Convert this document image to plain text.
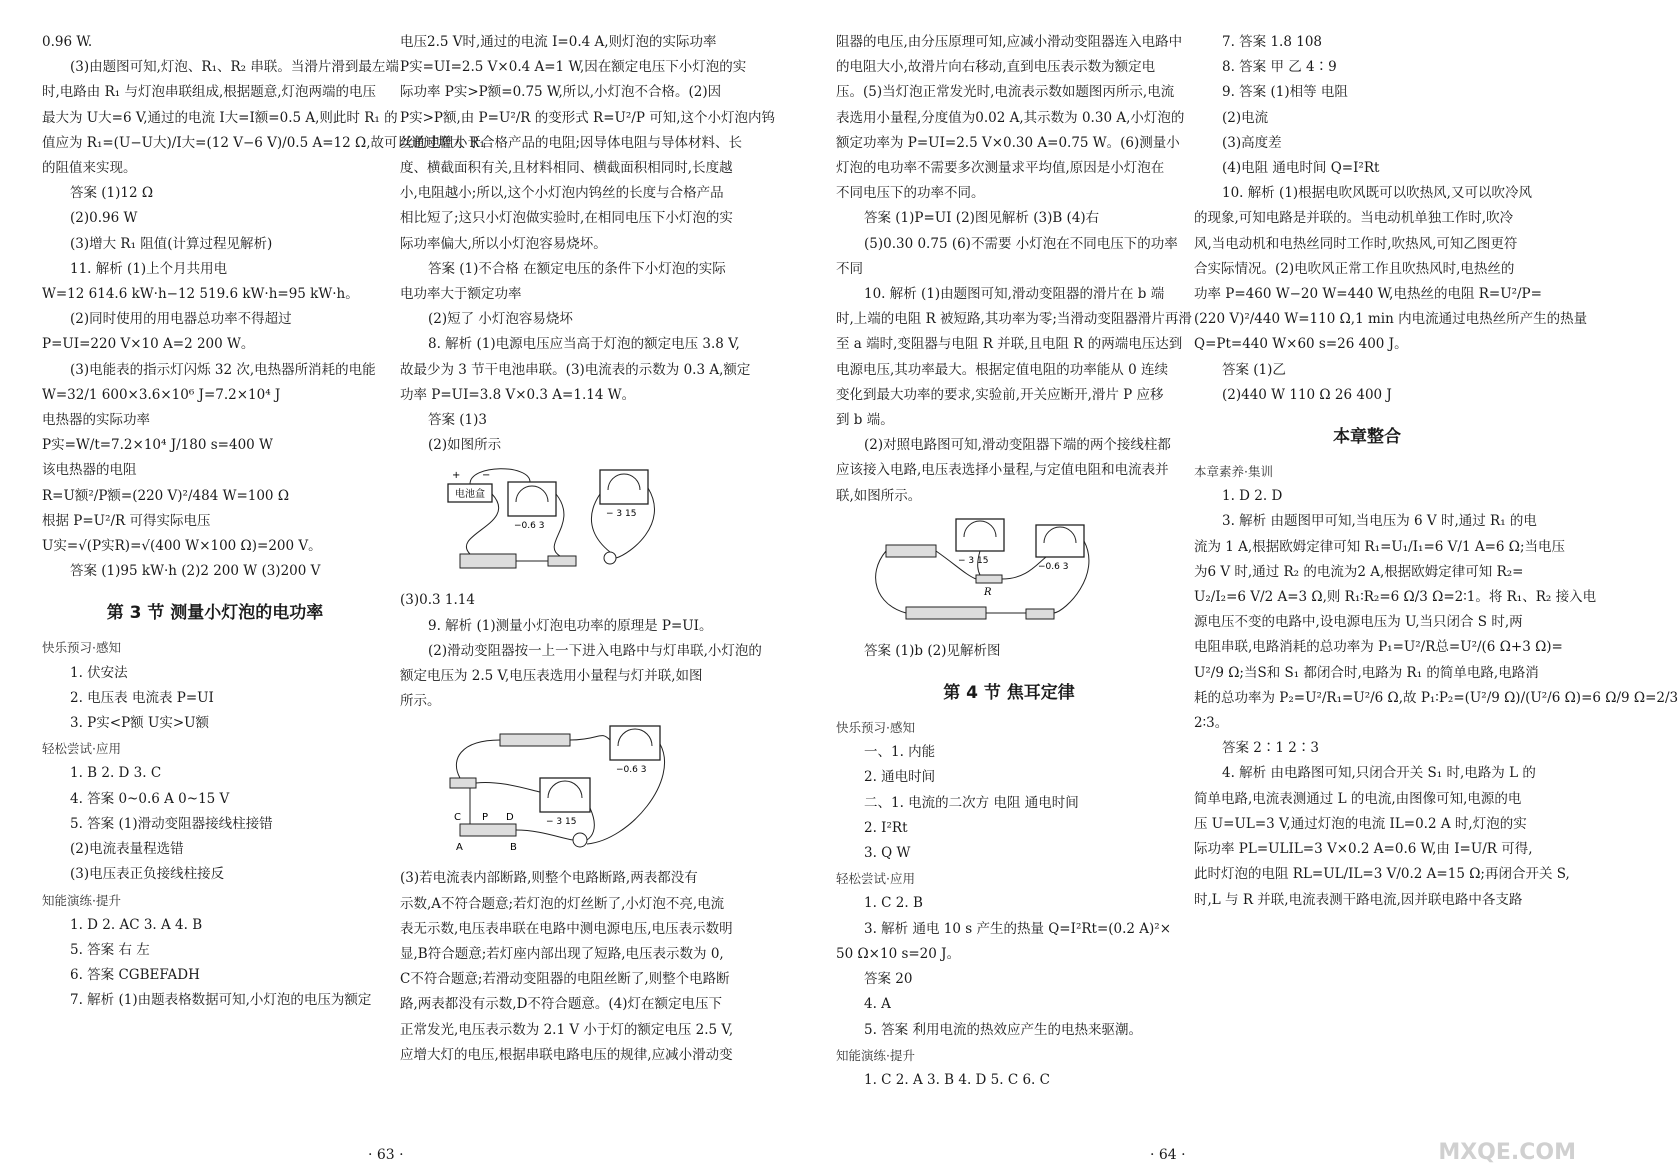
0.96 W.
(3)由题图可知,灯泡、R₁、R₂ 串联。当滑片滑到最左端
时,电路由 R₁ 与灯泡串联组成,根据题意,灯泡两端的电压
最大为 U大=6 V,通过的电流 I大=I额=0.5 A,则此时 R₁ 的
值应为 R₁=(U−U大)/I大=(12 V−6 V)/0.5 A=12 Ω,故可以通过增大 R₁
的阻值来实现。
答案 (1)12 Ω
(2)0.96 W
(3)增大 R₁ 阻值(计算过程见解析)
11. 解析 (1)上个月共用电
W=12 614.6 kW·h−12 519.6 kW·h=95 kW·h。
(2)同时使用的用电器总功率不得超过
P=UI=220 V×10 A=2 200 W。
(3)电能表的指示灯闪烁 32 次,电热器所消耗的电能
W=32/1 600×3.6×10⁶ J=7.2×10⁴ J
电热器的实际功率
P实=W/t=7.2×10⁴ J/180 s=400 W
该电热器的电阻
R=U额²/P额=(220 V)²/484 W=100 Ω
根据 P=U²/R 可得实际电压
U实=√(P实R)=√(400 W×100 Ω)=200 V。
答案 (1)95 kW·h (2)2 200 W (3)200 V
第 3 节 测量小灯泡的电功率
快乐预习·感知
1. 伏安法
2. 电压表 电流表 P=UI
3. P实<P额 U实>U额
轻松尝试·应用
1. B 2. D 3. C
4. 答案 0~0.6 A 0~15 V
5. 答案 (1)滑动变阻器接线柱接错
(2)电流表量程选错
(3)电压表正负接线柱接反
知能演练·提升
1. D 2. AC 3. A 4. B
5. 答案 右 左
6. 答案 CGBEFADH
7. 解析 (1)由题表格数据可知,小灯泡的电压为额定
电压2.5 V时,通过的电流 I=0.4 A,则灯泡的实际功率
P实=UI=2.5 V×0.4 A=1 W,因在额定电压下小灯泡的实
际功率 P实>P额=0.75 W,所以,小灯泡不合格。(2)因
P实>P额,由 P=U²/R 的变形式 R=U²/P 可知,这个小灯泡内钨
丝的电阻小于合格产品的电阻;因导体电阻与导体材料、长
度、横截面积有关,且材料相同、横截面积相同时,长度越
小,电阻越小;所以,这个小灯泡内钨丝的长度与合格产品
相比短了;这只小灯泡做实验时,在相同电压下小灯泡的实
际功率偏大,所以小灯泡容易烧坏。
答案 (1)不合格 在额定电压的条件下小灯泡的实际
电功率大于额定功率
(2)短了 小灯泡容易烧坏
8. 解析 (1)电源电压应当高于灯泡的额定电压 3.8 V,
故最少为 3 节干电池串联。(3)电流表的示数为 0.3 A,额定
功率 P=UI=3.8 V×0.3 A=1.14 W。
答案 (1)3
(2)如图所示
电池盒
+ −
−0.6 3
− 3 15
(3)0.3 1.14
9. 解析 (1)测量小灯泡电功率的原理是 P=UI。
(2)滑动变阻器按一上一下进入电路中与灯串联,小灯泡的
额定电压为 2.5 V,电压表选用小量程与灯并联,如图
所示。
− 3 15
−0.6 3
C P D
A	B
(3)若电流表内部断路,则整个电路断路,两表都没有
示数,A不符合题意;若灯泡的灯丝断了,小灯泡不亮,电流
表无示数,电压表串联在电路中测电源电压,电压表示数明
显,B符合题意;若灯座内部出现了短路,电压表示数为 0,
C不符合题意;若滑动变阻器的电阻丝断了,则整个电路断
路,两表都没有示数,D不符合题意。(4)灯在额定电压下
正常发光,电压表示数为 2.1 V 小于灯的额定电压 2.5 V,
应增大灯的电压,根据串联电路电压的规律,应减小滑动变
· 63 ·
阻器的电压,由分压原理可知,应减小滑动变阻器连入电路中
的电阻大小,故滑片向右移动,直到电压表示数为额定电
压。(5)当灯泡正常发光时,电流表示数如题图丙所示,电流
表选用小量程,分度值为0.02 A,其示数为 0.30 A,小灯泡的
额定功率为 P=UI=2.5 V×0.30 A=0.75 W。(6)测量小
灯泡的电功率不需要多次测量求平均值,原因是小灯泡在
不同电压下的功率不同。
答案 (1)P=UI (2)图见解析 (3)B (4)右
(5)0.30 0.75 (6)不需要 小灯泡在不同电压下的功率
不同
10. 解析 (1)由题图可知,滑动变阻器的滑片在 b 端
时,上端的电阻 R 被短路,其功率为零;当滑动变阻器滑片再滑
至 a 端时,变阻器与电阻 R 并联,且电阻 R 的两端电压达到
电源电压,其功率最大。根据定值电阻的功率能从 0 连续
变化到最大功率的要求,实验前,开关应断开,滑片 P 应移
到 b 端。
(2)对照电路图可知,滑动变阻器下端的两个接线柱都
应该接入电路,电压表选择小量程,与定值电阻和电流表并
联,如图所示。
− 3 15
−0.6 3
R
答案 (1)b (2)见解析图
第 4 节 焦耳定律
快乐预习·感知
一、1. 内能
2. 通电时间
二、1. 电流的二次方 电阻 通电时间
2. I²Rt
3. Q W
轻松尝试·应用
1. C 2. B
3. 解析 通电 10 s 产生的热量 Q=I²Rt=(0.2 A)²×
50 Ω×10 s=20 J。
答案 20
4. A
5. 答案 利用电流的热效应产生的电热来驱潮。
知能演练·提升
1. C 2. A 3. B 4. D 5. C 6. C
7. 答案 1.8 108
8. 答案 甲 乙 4∶9
9. 答案 (1)相等 电阻
(2)电流
(3)高度差
(4)电阻 通电时间 Q=I²Rt
10. 解析 (1)根据电吹风既可以吹热风,又可以吹冷风
的现象,可知电路是并联的。当电动机单独工作时,吹冷
风,当电动机和电热丝同时工作时,吹热风,可知乙图更符
合实际情况。(2)电吹风正常工作且吹热风时,电热丝的
功率 P=460 W−20 W=440 W,电热丝的电阻 R=U²/P=
(220 V)²/440 W=110 Ω,1 min 内电流通过电热丝所产生的热量
Q=Pt=440 W×60 s=26 400 J。
答案 (1)乙
(2)440 W 110 Ω 26 400 J
本章整合
本章素养·集训
1. D 2. D
3. 解析 由题图甲可知,当电压为 6 V 时,通过 R₁ 的电
流为 1 A,根据欧姆定律可知 R₁=U₁/I₁=6 V/1 A=6 Ω;当电压
为6 V 时,通过 R₂ 的电流为2 A,根据欧姆定律可知 R₂=
U₂/I₂=6 V/2 A=3 Ω,则 R₁∶R₂=6 Ω/3 Ω=2∶1。将 R₁、R₂ 接入电
源电压不变的电路中,设电源电压为 U,当只闭合 S 时,两
电阻串联,电路消耗的总功率为 P₁=U²/R总=U²/(6 Ω+3 Ω)=
U²/9 Ω;当S和 S₁ 都闭合时,电路为 R₁ 的简单电路,电路消
耗的总功率为 P₂=U²/R₁=U²/6 Ω,故 P₁∶P₂=(U²/9 Ω)/(U²/6 Ω)=6 Ω/9 Ω=2/3
2∶3。
答案 2∶1 2∶3
4. 解析 由电路图可知,只闭合开关 S₁ 时,电路为 L 的
简单电路,电流表测通过 L 的电流,由图像可知,电源的电
压 U=UL=3 V,通过灯泡的电流 IL=0.2 A 时,灯泡的实
际功率 PL=ULIL=3 V×0.2 A=0.6 W,由 I=U/R 可得,
此时灯泡的电阻 RL=UL/IL=3 V/0.2 A=15 Ω;再闭合开关 S,
时,L 与 R 并联,电流表测干路电流,因并联电路中各支路
· 64 ·	MXQE.COM
